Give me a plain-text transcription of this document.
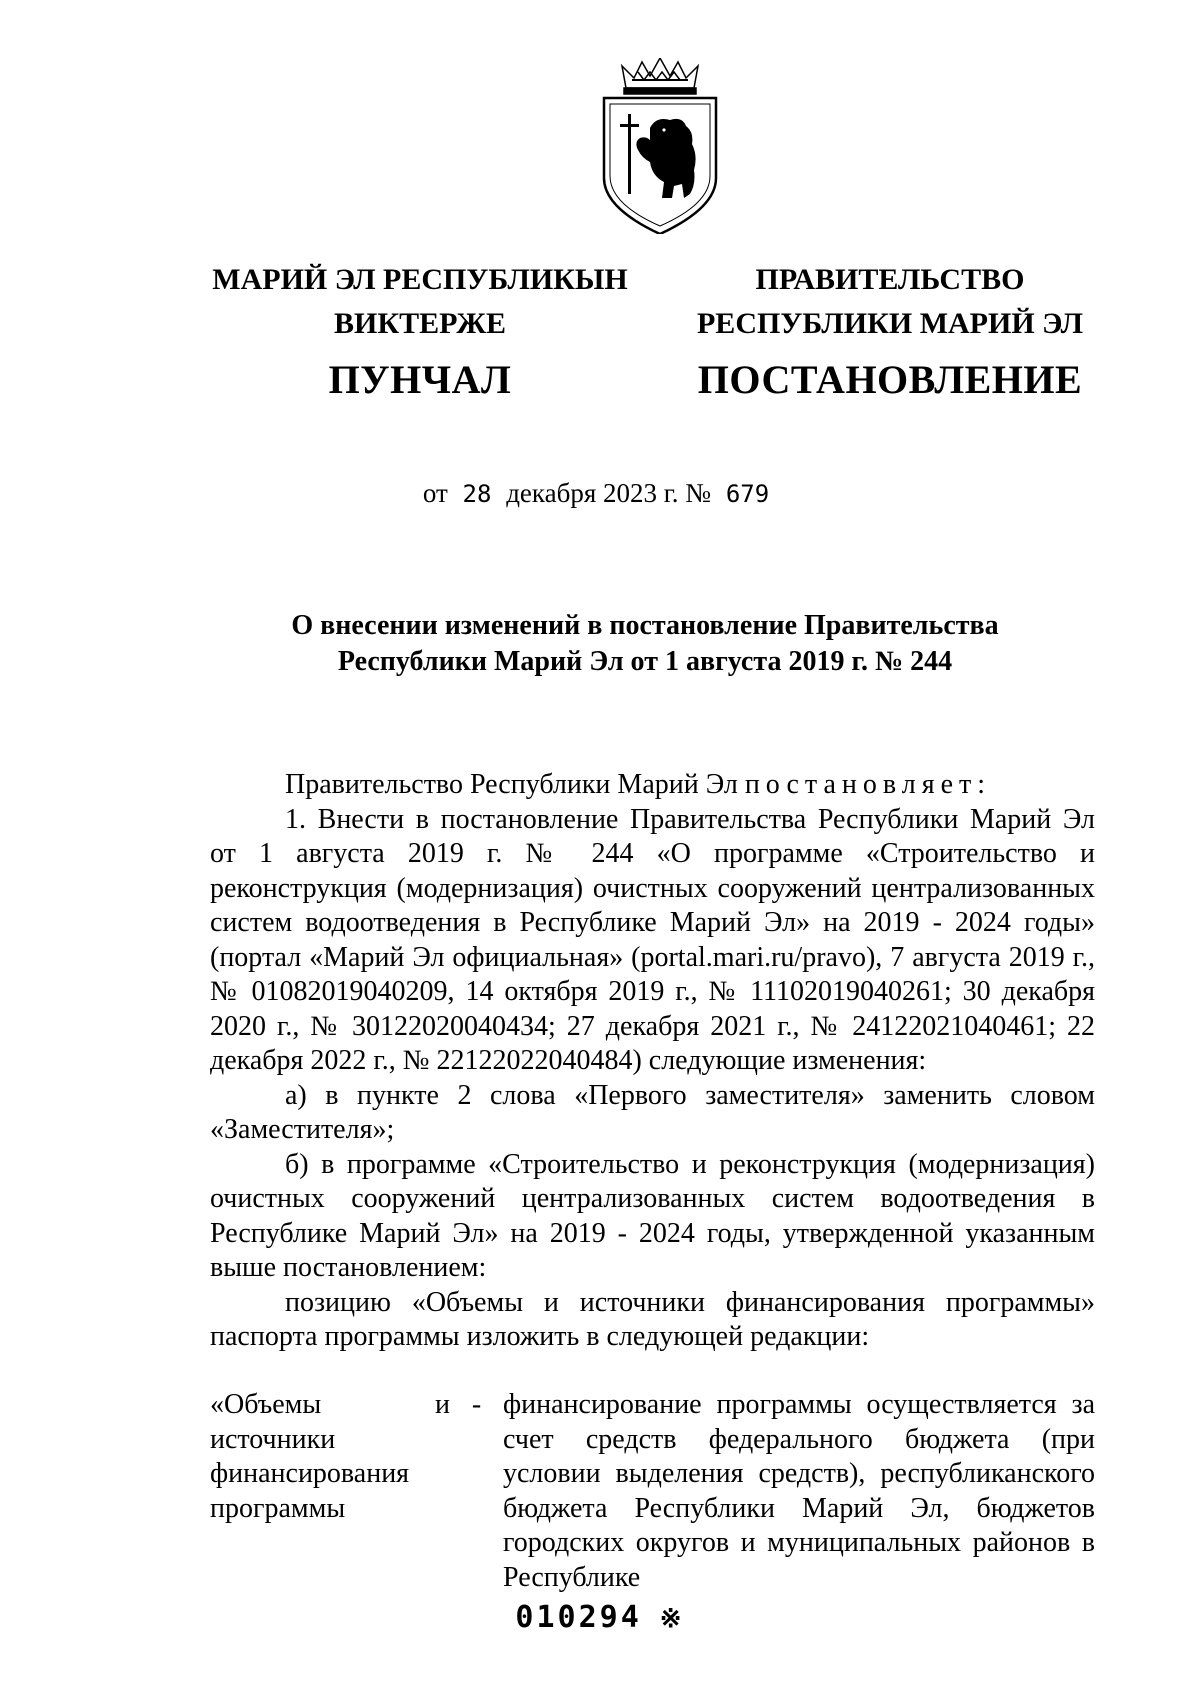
МАРИЙ ЭЛ РЕСПУБЛИКЫН
ВИКТЕРЖЕ
ПУНЧАЛ
ПРАВИТЕЛЬСТВО
РЕСПУБЛИКИ МАРИЙ ЭЛ
ПОСТАНОВЛЕНИЕ
от 28 декабря 2023 г. № 679
О внесении изменений в постановление Правительства
Республики Марий Эл от 1 августа 2019 г. № 244

Правительство Республики Марий Эл постановляет:

1. Внести в постановление Правительства Республики Марий Эл от 1 августа 2019 г. № 244 «О программе «Строительство и реконструкция (модернизация) очистных сооружений централизованных систем водоотведения в Республике Марий Эл» на 2019 - 2024 годы» (портал «Марий Эл официальная» (portal.mari.ru/pravo), 7 августа 2019 г., № 01082019040209, 14 октября 2019 г., № 11102019040261; 30 декабря 2020 г., № 30122020040434; 27 декабря 2021 г., № 24122021040461; 22 декабря 2022 г., № 22122022040484) следующие изменения:

а) в пункте 2 слова «Первого заместителя» заменить словом «Заместителя»;

б) в программе «Строительство и реконструкция (модернизация) очистных сооружений централизованных систем водоотведения в Республике Марий Эл» на 2019 - 2024 годы, утвержденной указанным выше постановлением:

позицию «Объемы и источники финансирования программы» паспорта программы изложить в следующей редакции:

«Объемы и источники финансирования программы
- финансирование программы осуществляется за счет средств федерального бюджета (при условии выделения средств), республиканского бюджета Республики Марий Эл, бюджетов городских округов и муниципальных районов в Республике
010294 ※
